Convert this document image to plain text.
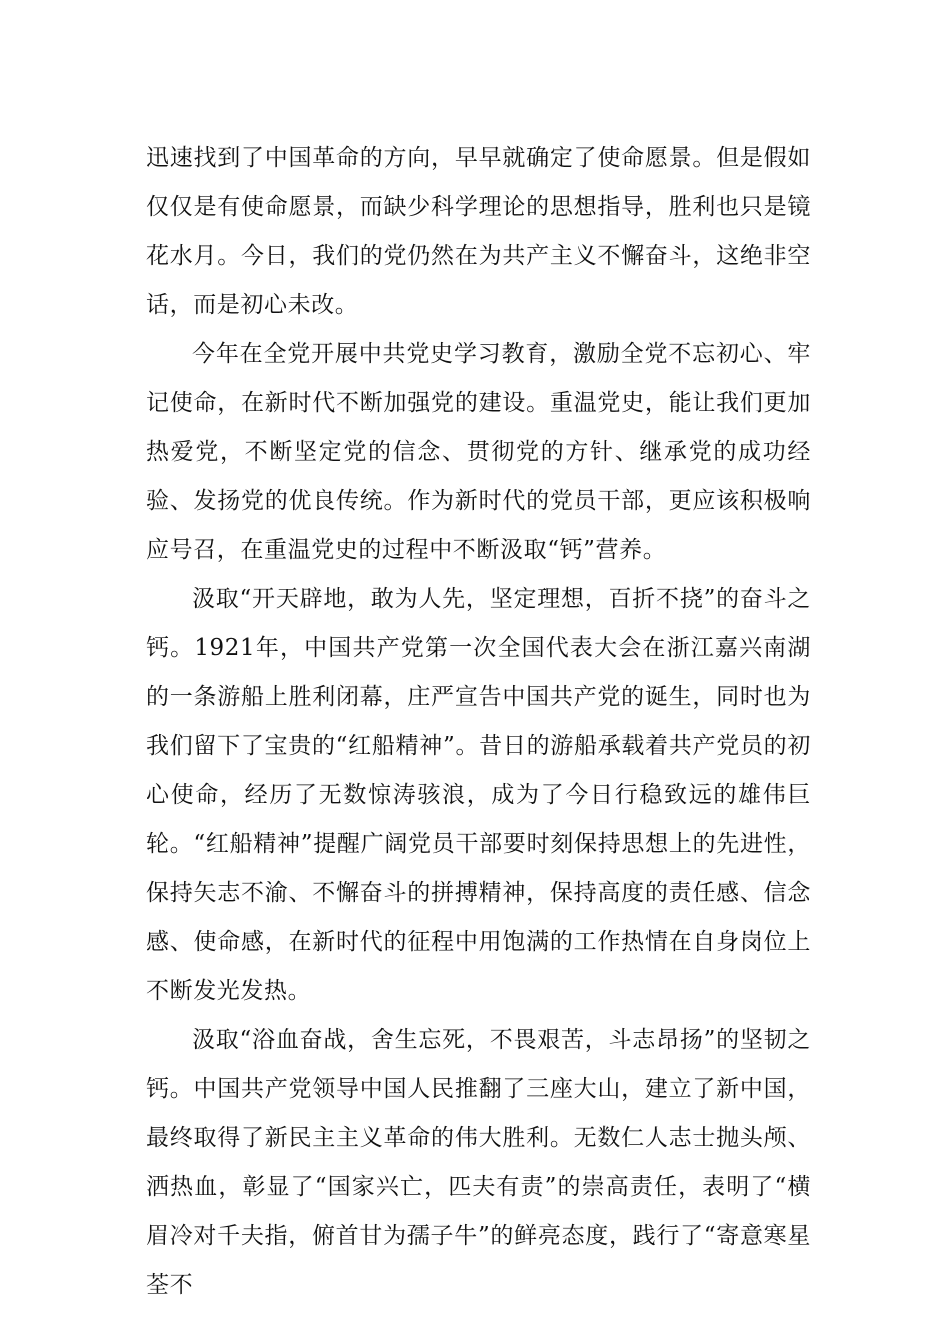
迅速找到了中国革命的方向，早早就确定了使命愿景。但是假如仅仅是有使命愿景，而缺少科学理论的思想指导，胜利也只是镜花水月。今日，我们的党仍然在为共产主义不懈奋斗，这绝非空话，而是初心未改。

今年在全党开展中共党史学习教育，激励全党不忘初心、牢记使命，在新时代不断加强党的建设。重温党史，能让我们更加热爱党，不断坚定党的信念、贯彻党的方针、继承党的成功经验、发扬党的优良传统。作为新时代的党员干部，更应该积极响应号召，在重温党史的过程中不断汲取“钙”营养。

汲取“开天辟地，敢为人先，坚定理想，百折不挠”的奋斗之钙。1921年，中国共产党第一次全国代表大会在浙江嘉兴南湖的一条游船上胜利闭幕，庄严宣告中国共产党的诞生，同时也为我们留下了宝贵的“红船精神”。昔日的游船承载着共产党员的初心使命，经历了无数惊涛骇浪，成为了今日行稳致远的雄伟巨轮。“红船精神”提醒广阔党员干部要时刻保持思想上的先进性，保持矢志不渝、不懈奋斗的拼搏精神，保持高度的责任感、信念感、使命感，在新时代的征程中用饱满的工作热情在自身岗位上不断发光发热。

汲取“浴血奋战，舍生忘死，不畏艰苦，斗志昂扬”的坚韧之钙。中国共产党领导中国人民推翻了三座大山，建立了新中国，最终取得了新民主主义革命的伟大胜利。无数仁人志士抛头颅、洒热血，彰显了“国家兴亡，匹夫有责”的崇高责任，表明了“横眉冷对千夫指，俯首甘为孺子牛”的鲜亮态度，践行了“寄意寒星荃不
